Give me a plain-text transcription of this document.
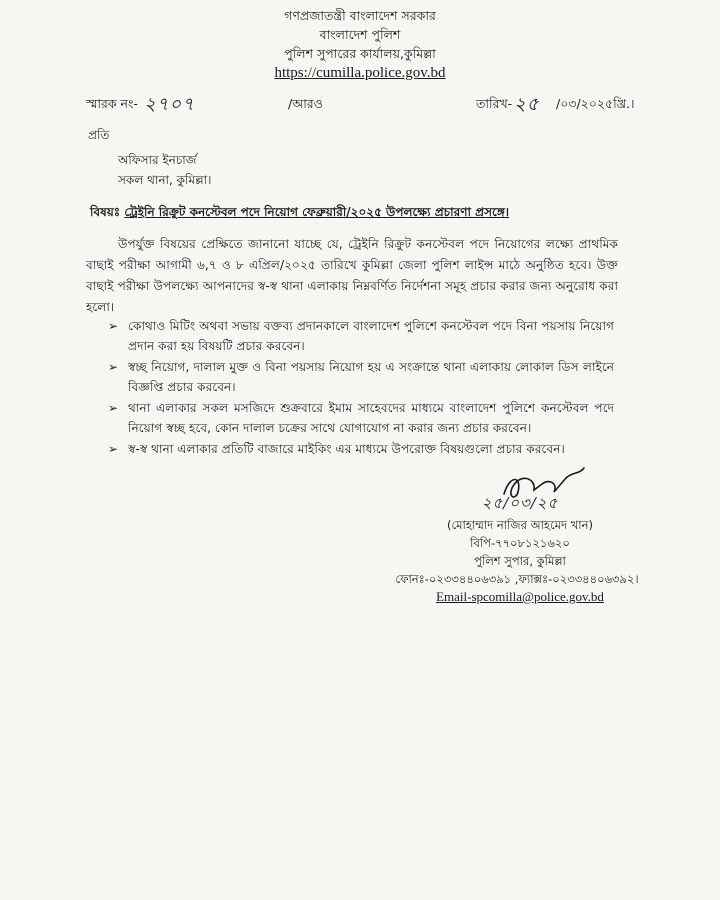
গণপ্রজাতন্ত্রী বাংলাদেশ সরকার
বাংলাদেশ পুলিশ
পুলিশ সুপারের কার্যালয়,কুমিল্লা
https://cumilla.police.gov.bd
স্মারক নং- ২৭০৭	/আরও	তারিখ- ২৫ /০৩/২০২৫খ্রি.।
প্রতি
অফিসার ইনচার্জ
সকল থানা, কুমিল্লা।
বিষয়ঃ ট্রেইনি রিক্রুট কনস্টেবল পদে নিয়োগ ফেব্রুয়ারী/২০২৫ উপলক্ষ্যে প্রচারণা প্রসঙ্গে।
উপর্যুক্ত বিষয়ের প্রেক্ষিতে জানানো যাচ্ছে যে, ট্রেইনি রিক্রুট কনস্টেবল পদে নিয়োগের লক্ষ্যে প্রাথমিক বাছাই পরীক্ষা আগামী ৬,৭ ও ৮ এপ্রিল/২০২৫ তারিখে কুমিল্লা জেলা পুলিশ লাইন্স মাঠে অনুষ্ঠিত হবে। উক্ত বাছাই পরীক্ষা উপলক্ষ্যে আপনাদের স্ব-স্ব থানা এলাকায় নিম্নবর্ণিত নির্দেশনা সমূহ প্রচার করার জন্য অনুরোধ করা হলো।
➢ কোথাও মিটিং অথবা সভায় বক্তব্য প্রদানকালে বাংলাদেশ পুলিশে কনস্টেবল পদে বিনা পয়সায় নিয়োগ প্রদান করা হয় বিষয়টি প্রচার করবেন।
➢ স্বচ্ছ নিয়োগ, দালাল মুক্ত ও বিনা পয়সায় নিয়োগ হয় এ সংক্রান্তে থানা এলাকায় লোকাল ডিস লাইনে বিজ্ঞপ্তি প্রচার করবেন।
➢ থানা এলাকার সকল মসজিদে শুক্রবারে ইমাম সাহেবদের মাধ্যমে বাংলাদেশ পুলিশে কনস্টেবল পদে নিয়োগ স্বচ্ছ হবে, কোন দালাল চক্রের সাথে যোগাযোগ না করার জন্য প্রচার করবেন।
➢ স্ব-স্ব থানা এলাকার প্রতিটি বাজারে মাইকিং এর মাধ্যমে উপরোক্ত বিষয়গুলো প্রচার করবেন।
২৫/০৩/২৫
(মোহাম্মাদ নাজির আহমেদ খান)
বিপি-৭৭০৮১২১৬২০
পুলিশ সুপার, কুমিল্লা
ফোনঃ-০২৩৩৪৪০৬৩৯১ ,ফ্যাক্সঃ-০২৩৩৪৪০৬৩৯২।
Email-spcomilla@police.gov.bd
